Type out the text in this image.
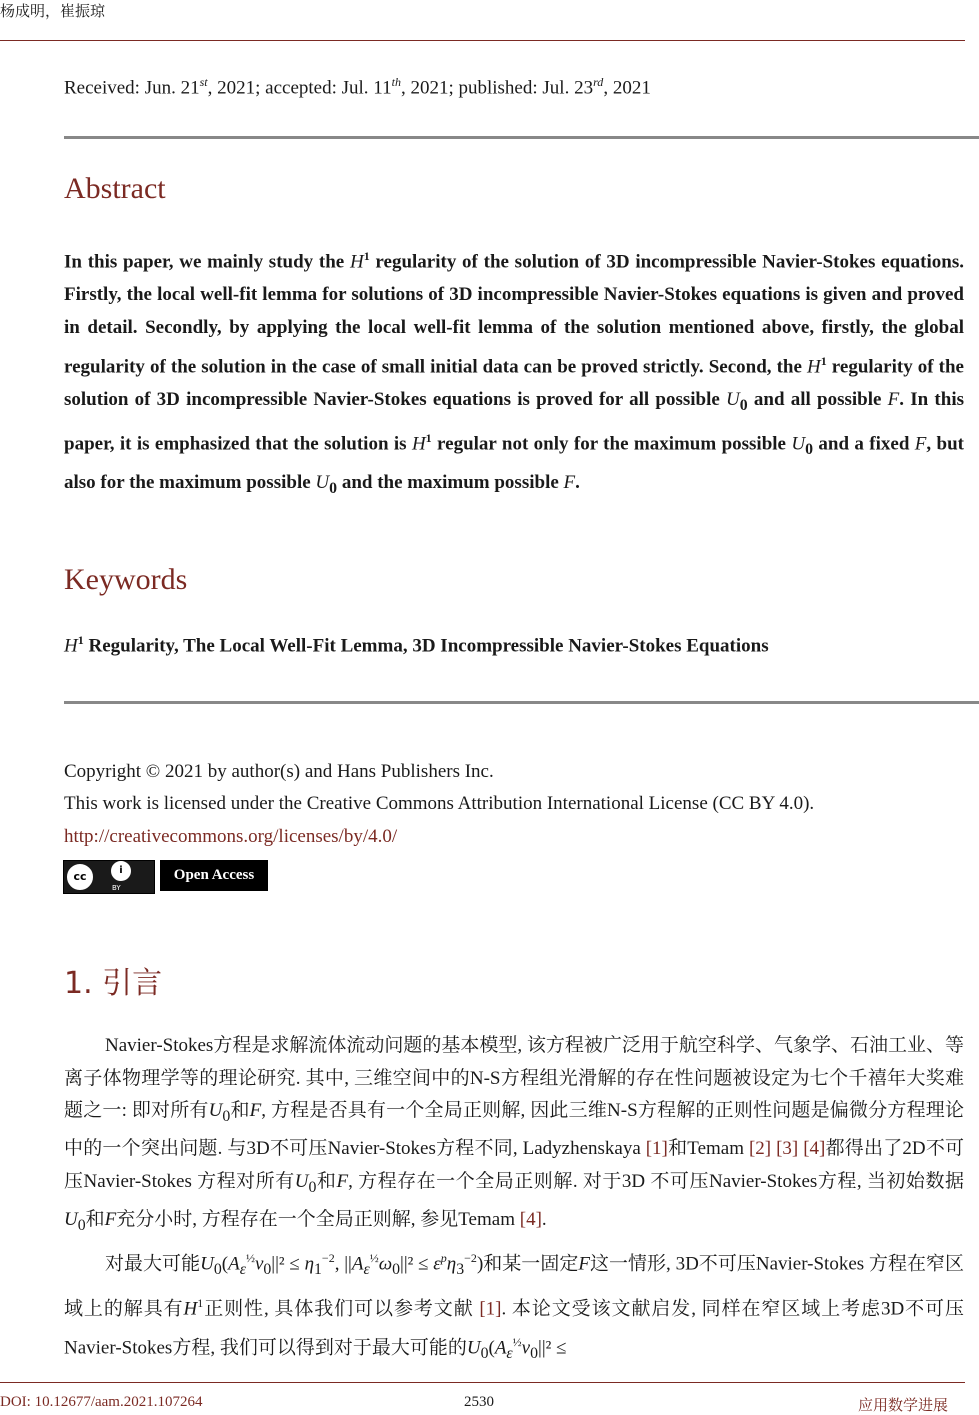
杨成明，崔振琼
Received: Jun. 21st, 2021; accepted: Jul. 11th, 2021; published: Jul. 23rd, 2021
Abstract
In this paper, we mainly study the $H^1$ regularity of the solution of 3D incompressible Navier-Stokes equations. Firstly, the local well-fit lemma for solutions of 3D incompressible Navier-Stokes equations is given and proved in detail. Secondly, by applying the local well-fit lemma of the solution mentioned above, firstly, the global regularity of the solution in the case of small initial data can be proved strictly. Second, the $H^1$ regularity of the solution of 3D incompressible Navier-Stokes equations is proved for all possible $U_0$ and all possible F. In this paper, it is emphasized that the solution is $H^1$ regular not only for the maximum possible $U_0$ and a fixed F, but also for the maximum possible $U_0$ and the maximum possible F.
Keywords
$H^1$ Regularity, The Local Well-Fit Lemma, 3D Incompressible Navier-Stokes Equations
Copyright © 2021 by author(s) and Hans Publishers Inc.
This work is licensed under the Creative Commons Attribution International License (CC BY 4.0).
http://creativecommons.org/licenses/by/4.0/
cc	i
BY
Open Access
1. 引言

Navier-Stokes方程是求解流体流动问题的基本模型, 该方程被广泛用于航空科学、气象学、石油工业、等离子体物理学等的理论研究. 其中, 三维空间中的N-S方程组光滑解的存在性问题被设定为七个千禧年大奖难题之一: 即对所有$U_0$和F, 方程是否具有一个全局正则解, 因此三维N-S方程解的正则性问题是偏微分方程理论中的一个突出问题. 与3D不可压Navier-Stokes方程不同, Ladyzhenskaya [1]和Temam [2] [3] [4]都得出了2D不可压Navier-Stokes 方程对所有$U_0$和F, 方程存在一个全局正则解. 对于3D 不可压Navier-Stokes方程, 当初始数据$U_0$和F充分小时, 方程存在一个全局正则解, 参见Temam [4].

对最大可能$U_0(A_\varepsilon^{\frac{1}{2}}v_0||^2 \le \eta_1^{-2}$, $||A_\varepsilon^{\frac{1}{2}}\omega_0||^2 \le \varepsilon^p\eta_3^{-2}$)和某一固定F这一情形, 3D不可压Navier-Stokes 方程在窄区域上的解具有$H^1$正则性, 具体我们可以参考文献 [1]. 本论文受该文献启发, 同样在窄区域上考虑3D不可压Navier-Stokes方程, 我们可以得到对于最大可能的$U_0(A_\varepsilon^{\frac{1}{2}}v_0||^2$ ≤

DOI: 10.12677/aam.2021.107264	2530	应用数学进展
